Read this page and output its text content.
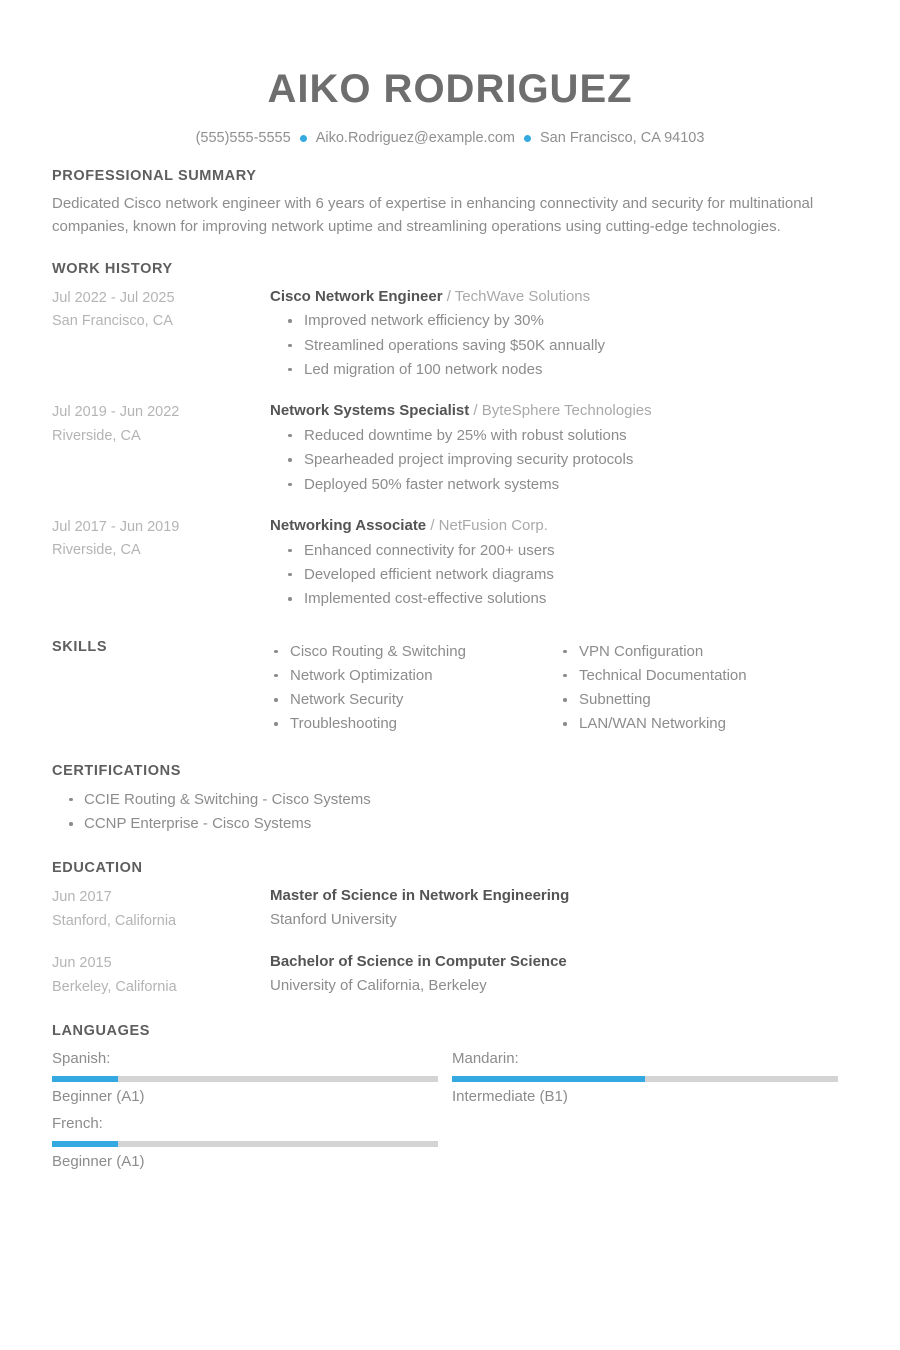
AIKO RODRIGUEZ
(555)555-5555 Aiko.Rodriguez@example.com San Francisco, CA 94103
PROFESSIONAL SUMMARY

Dedicated Cisco network engineer with 6 years of expertise in enhancing connectivity and security for multinational companies, known for improving network uptime and streamlining operations using cutting-edge technologies.

WORK HISTORY
Jul 2022 - Jul 2025
San Francisco, CA

Cisco Network Engineer / TechWave Solutions

Improved network efficiency by 30%
Streamlined operations saving $50K annually
Led migration of 100 network nodes
Jul 2019 - Jun 2022
Riverside, CA

Network Systems Specialist / ByteSphere Technologies

Reduced downtime by 25% with robust solutions
Spearheaded project improving security protocols
Deployed 50% faster network systems
Jul 2017 - Jun 2019
Riverside, CA

Networking Associate / NetFusion Corp.

Enhanced connectivity for 200+ users
Developed efficient network diagrams
Implemented cost-effective solutions
SKILLS	Cisco Routing & Switching
Network Optimization
Network Security
Troubleshooting
VPN Configuration
Technical Documentation
Subnetting
LAN/WAN Networking
CERTIFICATIONS
CCIE Routing & Switching - Cisco Systems
CCNP Enterprise - Cisco Systems
EDUCATION
Jun 2017
Stanford, California

Master of Science in Network Engineering

Stanford University

Jun 2015
Berkeley, California

Bachelor of Science in Computer Science

University of California, Berkeley

LANGUAGES
Spanish:
Beginner (A1)
Mandarin:
Intermediate (B1)
French:
Beginner (A1)
